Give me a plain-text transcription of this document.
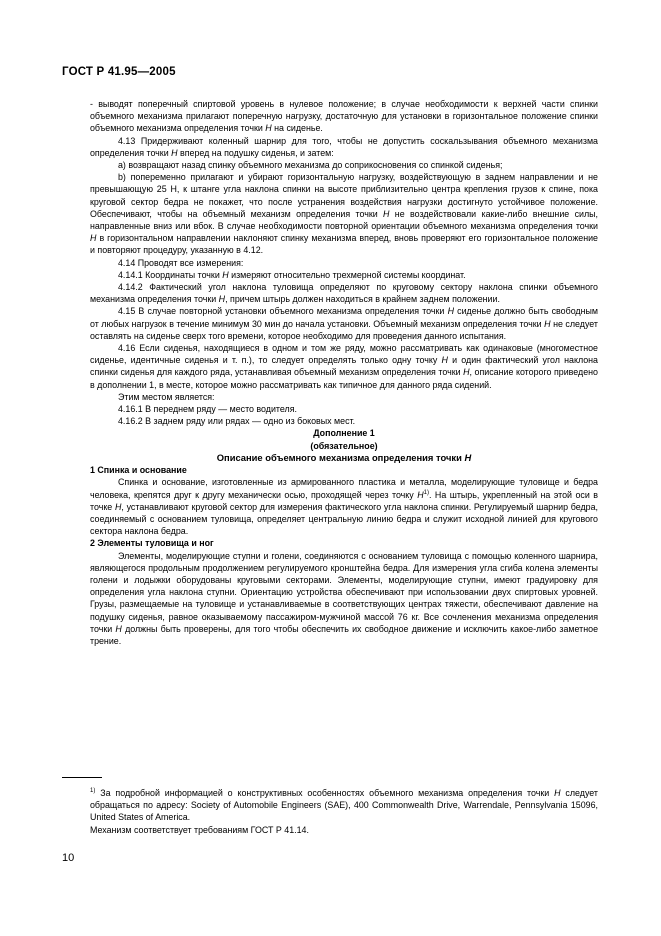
ГОСТ Р 41.95—2005

- выводят поперечный спиртовой уровень в нулевое положение; в случае необходимости к верхней части спинки объемного механизма прилагают поперечную нагрузку, достаточную для установки в горизонтальное положение спинки объемного механизма определения точки H на сиденье.

4.13 Придерживают коленный шарнир для того, чтобы не допустить соскальзывания объемного механизма определения точки H вперед на подушку сиденья, и затем:

a) возвращают назад спинку объемного механизма до соприкосновения со спинкой сиденья;

b) попеременно прилагают и убирают горизонтальную нагрузку, воздействующую в заднем направлении и не превышающую 25 Н, к штанге угла наклона спинки на высоте приблизительно центра крепления грузов к спине, пока круговой сектор бедра не покажет, что после устранения воздействия нагрузки достигнуто устойчивое положение. Обеспечивают, чтобы на объемный механизм определения точки H не воздействовали какие-либо внешние силы, направленные вниз или вбок. В случае необходимости повторной ориентации объемного механизма определения точки H в горизонтальном направлении наклоняют спинку механизма вперед, вновь проверяют его горизонтальное положение и повторяют процедуру, указанную в 4.12.

4.14 Проводят все измерения:

4.14.1 Координаты точки H измеряют относительно трехмерной системы координат.

4.14.2 Фактический угол наклона туловища определяют по круговому сектору наклона спинки объемного механизма определения точки H, причем штырь должен находиться в крайнем заднем положении.

4.15 В случае повторной установки объемного механизма определения точки H сиденье должно быть свободным от любых нагрузок в течение минимум 30 мин до начала установки. Объемный механизм определения точки H не следует оставлять на сиденье сверх того времени, которое необходимо для проведения данного испытания.

4.16 Если сиденья, находящиеся в одном и том же ряду, можно рассматривать как одинаковые (многоместное сиденье, идентичные сиденья и т. п.), то следует определять только одну точку H и один фактический угол наклона спинки сиденья для каждого ряда, устанавливая объемный механизм определения точки H, описание которого приведено в дополнении 1, в месте, которое можно рассматривать как типичное для данного ряда сидений.

Этим местом является:

4.16.1 В переднем ряду — место водителя.

4.16.2 В заднем ряду или рядах — одно из боковых мест.

Дополнение 1

(обязательное)

Описание объемного механизма определения точки H

1 Спинка и основание

Спинка и основание, изготовленные из армированного пластика и металла, моделирующие туловище и бедра человека, крепятся друг к другу механически осью, проходящей через точку $H^{1)}$. На штырь, укрепленный на этой оси в точке H, устанавливают круговой сектор для измерения фактического угла наклона спинки. Регулируемый шарнир бедра, соединяемый с основанием туловища, определяет центральную линию бедра и служит исходной линией для кругового сектора наклона бедра.

2 Элементы туловища и ног

Элементы, моделирующие ступни и голени, соединяются с основанием туловища с помощью коленного шарнира, являющегося продольным продолжением регулируемого кронштейна бедра. Для измерения угла сгиба колена элементы голени и лодыжки оборудованы круговыми секторами. Элементы, моделирующие ступни, имеют градуировку для определения угла наклона ступни. Ориентацию устройства обеспечивают при использовании двух спиртовых уровней. Грузы, размещаемые на туловище и устанавливаемые в соответствующих центрах тяжести, обеспечивают давление на подушку сиденья, равное оказываемому пассажиром-мужчиной массой 76 кг. Все сочленения механизма определения точки H должны быть проверены, для того чтобы обеспечить их свободное движение и исключить какое-либо заметное трение.

$^{1)}$ За подробной информацией о конструктивных особенностях объемного механизма определения точки H следует обращаться по адресу: Society of Automobile Engineers (SAE), 400 Commonwealth Drive, Warrendale, Pennsylvania 15096, United States of America.

Механизм соответствует требованиям ГОСТ Р 41.14.

10
